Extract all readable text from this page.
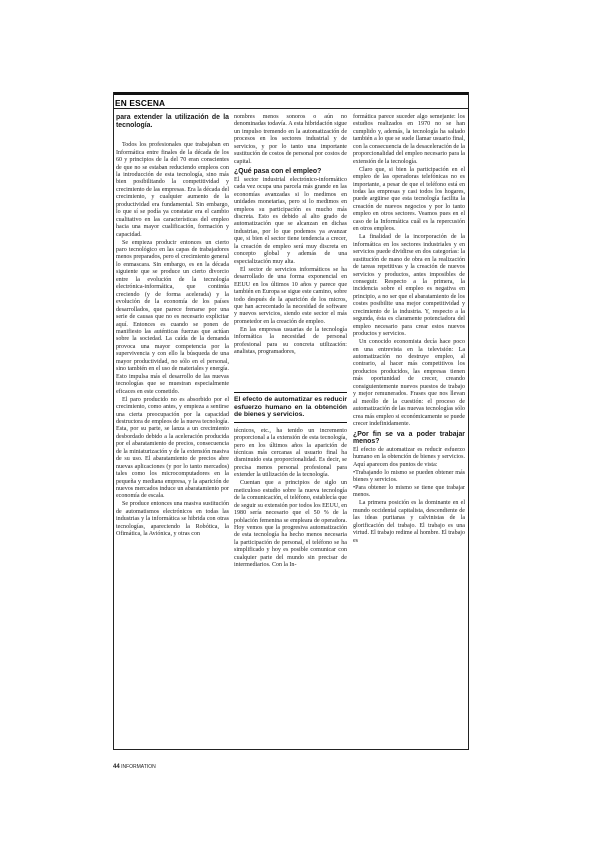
EN ESCENA
para extender la utilización de la tecnología.

Todos los profesionales que trabajaban en Informática entre finales de la década de los 60 y principios de la del 70 eran conscientes de que no se estaban reduciendo empleos con la introducción de esta tecnología, sino más bien posibilitando la competitividad y crecimiento de las empresas. Era la década del crecimiento, y cualquier aumento de la productividad era fundamental. Sin embargo, lo que sí se podía ya constatar era el cambio cualitativo en las características del empleo hacia una mayor cualificación, formación y capacidad.

Se empieza producir entonces un cierto paro tecnológico en las capas de trabajadores menos preparados, pero el crecimiento general lo enmascara. Sin embargo, es en la década siguiente que se produce un cierto divorcio entre la evolución de la tecnología electrónica-informática, que continúa creciendo (y de forma acelerada) y la evolución de la economía de los países desarrollados, que parece frenarse por una serie de causas que no es necesario explicitar aquí. Entonces es cuando se ponen de manifiesto las auténticas fuerzas que actúan sobre la sociedad. La caída de la demanda provoca una mayor competencia por la supervivencia y con ello la búsqueda de una mayor productividad, no sólo en el personal, sino también en el uso de materiales y energía. Esto impulsa más el desarrollo de las nuevas tecnologías que se muestran especialmente eficaces en este cometido.

El paro producido no es absorbido por el crecimiento, como antes, y empieza a sentirse una cierta preocupación por la capacidad destructora de empleos de la nueva tecnología. Esta, por su parte, se lanza a un crecimiento desbordado debido a la aceleración producida por el abaratamiento de precios, consecuencia de la miniaturización y de la extensión masiva de su uso. El abaratamiento de precios abre nuevas aplicaciones (y por lo tanto mercados) tales como los microcomputadores en la pequeña y mediana empresa, y la aparición de nuevos mercados induce un abaratamiento por economía de escala.

Se produce entonces una masiva sustitución de automatismos electrónicos en todas las industrias y la informática se hibrida con otras tecnologías, apareciendo la Robótica, la Ofimática, la Aviónica, y otras con

nombres menos sonoros o aún no denominadas todavía. A esta hibridación sigue un impulso tremendo en la automatización de procesos en los sectores industrial y de servicios, y por lo tanto una importante sustitución de costos de personal por costos de capital.

¿Qué pasa con el empleo?

El sector industrial electrónico-informático cada vez ocupa una parcela más grande en las economías avanzadas si lo medimos en unidades monetarias, pero si lo medimos en empleos su participación es mucho más discreta. Esto es debido al alto grado de automatización que se alcanzan en dichas industrias, por lo que podemos ya avanzar que, si bien el sector tiene tendencia a crecer, la creación de empleo será muy discreta en concepto global y además de una especialización muy alta.

El sector de servicios informáticos se ha desarrollado de una forma exponencial en EEUU en los últimos 10 años y parece que también en Europa se sigue este camino, sobre todo después de la aparición de los micros, que han acrecentado la necesidad de software y nuevos servicios, siendo este sector el más prometedor en la creación de empleo.

En las empresas usuarias de la tecnología informática la necesidad de personal profesional para su concreta utilización: analistas, programadores,

El efecto de automatizar es reducir esfuerzo humano en la obtención de bienes y servicios.

técnicos, etc., ha tenido un incremento proporcional a la extensión de esta tecnología, pero en los últimos años la aparición de técnicas más cercanas al usuario final ha disminuido esta proporcionalidad. Es decir, se precisa menos personal profesional para extender la utilización de la tecnología.

Cuentan que a principios de siglo un meticuloso estudio sobre la nueva tecnología de la comunicación, el teléfono, establecía que de seguir su extensión por todos los EEUU, en 1980 sería necesario que el 50 % de la población femenina se empleara de operadora. Hoy vemos que la progresiva automatización de esta tecnología ha hecho menos necesaria la participación de personal, el teléfono se ha simplificado y hoy es posible comunicar con cualquier parte del mundo sin precisar de intermediarios. Con la In-

formática parece suceder algo semejante: los estudios realizados en 1970 no se han cumplido y, además, la tecnología ha saltado también a lo que se suele llamar usuario final, con la consecuencia de la desaceleración de la proporcionalidad del empleo necesario para la extensión de la tecnología.

Claro que, si bien la participación en el empleo de las operadoras telefónicas no es importante, a pesar de que el teléfono está en todas las empresas y casi todos los hogares, puede argüirse que esta tecnología facilita la creación de nuevos negocios y por lo tanto empleo en otros sectores. Veamos pues en el caso de la Informática cuál es la repercusión en otros empleos.

La finalidad de la incorporación de la informática en los sectores industriales y en servicios puede dividirse en dos categorías: la sustitución de mano de obra en la realización de tareas repetitivas y la creación de nuevos servicios y productos, antes imposibles de conseguir. Respecto a la primera, la incidencia sobre el empleo es negativa en principio, a no ser que el abaratamiento de los costes posibilite una mejor competitividad y crecimiento de la industria. Y, respecto a la segunda, ésta es claramente potenciadora del empleo necesario para crear estos nuevos productos y servicios.

Un conocido economista decía hace poco en una entrevista en la televisión: La automatización no destruye empleo, al contrario, al hacer más competitivos los productos producidos, las empresas tienen más oportunidad de crecer, creando consiguientemente nuevos puestos de trabajo y mejor remunerados. Frases que nos llevan al meollo de la cuestión: el proceso de automatización de las nuevas tecnologías sólo crea más empleo si económicamente se puede crecer indefinidamente.

¿Por fin se va a poder trabajar menos?

El efecto de automatizar es reducir esfuerzo humano en la obtención de bienes y servicios. Aquí aparecen dos puntos de vista:

•Trabajando lo mismo se pueden obtener más bienes y servicios.

•Para obtener lo mismo se tiene que trabajar menos.

La primera posición es la dominante en el mundo occidental capitalista, descendiente de las ideas puritanas y calvinistas de la glorificación del trabajo. El trabajo es una virtud. El trabajo redime al hombre. El trabajo es

44 INFORMATION
